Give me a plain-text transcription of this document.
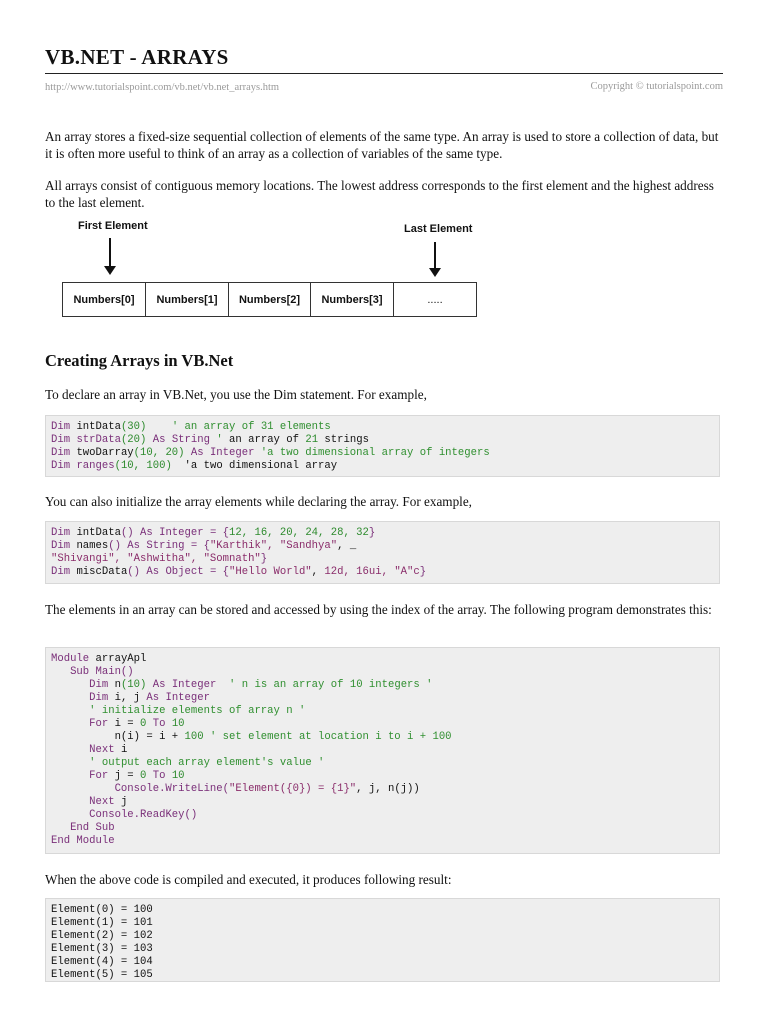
VB.NET - ARRAYS
http://www.tutorialspoint.com/vb.net/vb.net_arrays.htm	Copyright © tutorialspoint.com
An array stores a fixed-size sequential collection of elements of the same type. An array is used to store a collection of data, but it is often more useful to think of an array as a collection of variables of the same type.
All arrays consist of contiguous memory locations. The lowest address corresponds to the first element and the highest address to the last element.
First Element	Last Element
Numbers[0]	Numbers[1]	Numbers[2]	Numbers[3]	.....
Creating Arrays in VB.Net
To declare an array in VB.Net, you use the Dim statement. For example,
Dim intData(30)    ' an array of 31 elements
Dim strData(20) As String ' an array of 21 strings
Dim twoDarray(10, 20) As Integer 'a two dimensional array of integers
Dim ranges(10, 100)  'a two dimensional array
You can also initialize the array elements while declaring the array. For example,
Dim intData() As Integer = {12, 16, 20, 24, 28, 32}
Dim names() As String = {"Karthik", "Sandhya", _
"Shivangi", "Ashwitha", "Somnath"}
Dim miscData() As Object = {"Hello World", 12d, 16ui, "A"c}
The elements in an array can be stored and accessed by using the index of the array. The following program demonstrates this:
Module arrayApl
Sub Main()
Dim n(10) As Integer  ' n is an array of 10 integers '
Dim i, j As Integer
' initialize elements of array n '
For i = 0 To 10
n(i) = i + 100 ' set element at location i to i + 100
Next i
' output each array element's value '
For j = 0 To 10
Console.WriteLine("Element({0}) = {1}", j, n(j))
Next j
Console.ReadKey()
End Sub
End Module
When the above code is compiled and executed, it produces following result:
Element(0) = 100
Element(1) = 101
Element(2) = 102
Element(3) = 103
Element(4) = 104
Element(5) = 105
